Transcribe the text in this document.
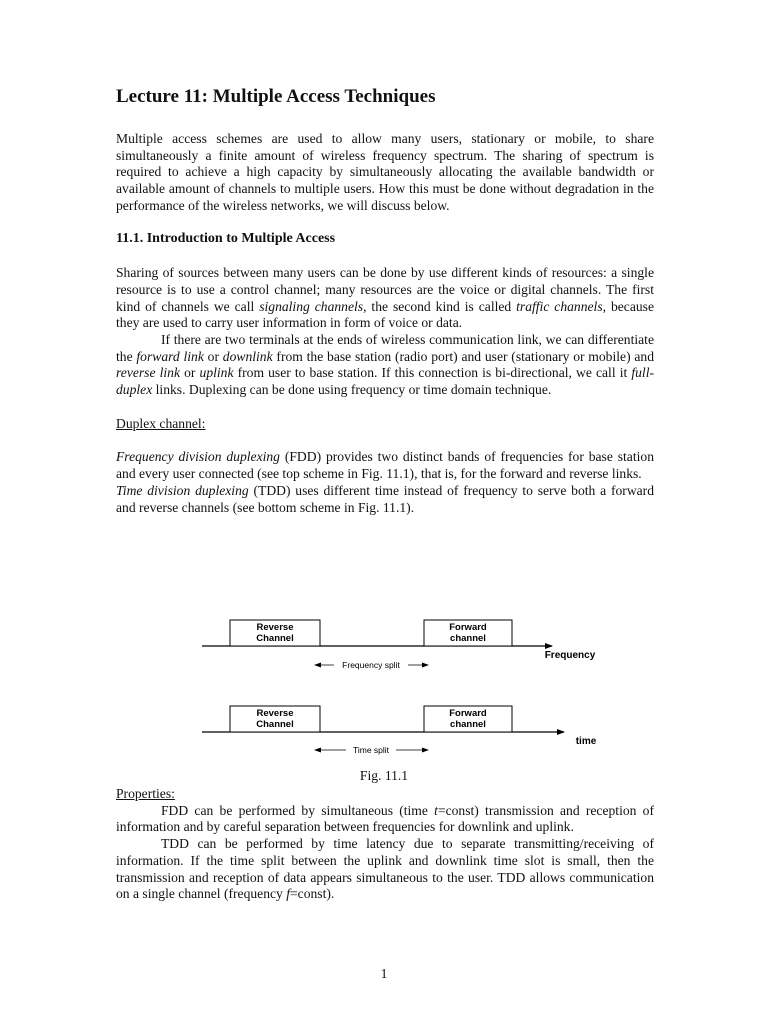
Lecture 11: Multiple Access Techniques

Multiple access schemes are used to allow many users, stationary or mobile, to share simultaneously a finite amount of wireless frequency spectrum. The sharing of spectrum is required to achieve a high capacity by simultaneously allocating the available bandwidth or available amount of channels to multiple users. How this must be done without degradation in the performance of the wireless networks, we will discuss below.

11.1. Introduction to Multiple Access

Sharing of sources between many users can be done by use different kinds of resources: a single resource is to use a control channel; many resources are the voice or digital channels. The first kind of channels we call signaling channels, the second kind is called traffic channels, because they are used to carry user information in form of voice or data.

If there are two terminals at the ends of wireless communication link, we can differentiate the forward link or downlink from the base station (radio port) and user (stationary or mobile) and reverse link or uplink from user to base station. If this connection is bi-directional, we call it full-duplex links. Duplexing can be done using frequency or time domain technique.

Duplex channel:

Frequency division duplexing (FDD) provides two distinct bands of frequencies for base station and every user connected (see top scheme in Fig. 11.1), that is, for the forward and reverse links.

Time division duplexing (TDD) uses different time instead of frequency to serve both a forward and reverse channels (see bottom scheme in Fig. 11.1).

Reverse
Channel
Forward
channel
Frequency
Frequency split
Reverse
Channel
Forward
channel
time
Time split
Fig. 11.1

Properties:

FDD can be performed by simultaneous (time t=const) transmission and reception of information and by careful separation between frequencies for downlink and uplink.

TDD can be performed by time latency due to separate transmitting/receiving of information. If the time split between the uplink and downlink time slot is small, then the transmission and reception of data appears simultaneous to the user. TDD allows communication on a single channel (frequency f=const).

1
